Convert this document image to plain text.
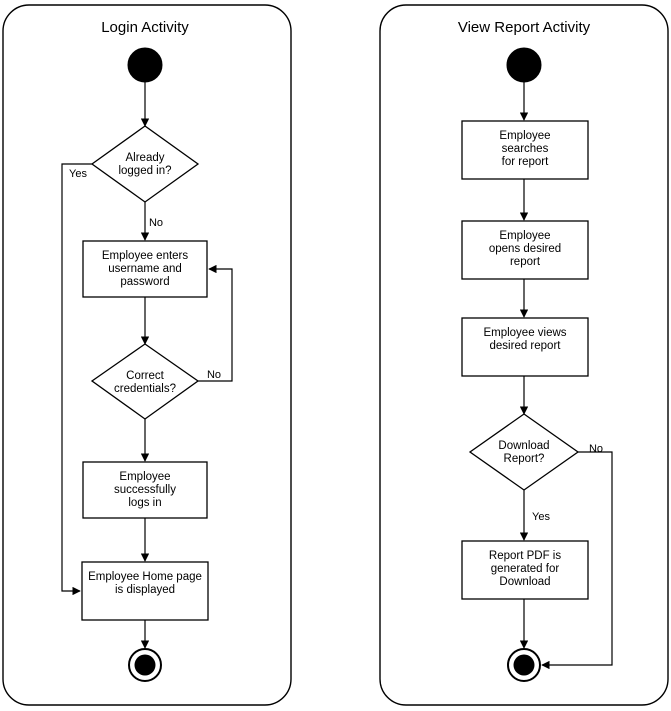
Login Activity
Already
logged in?
Yes
No
Employee enters
username and
password
Correct
credentials?
No
Employee
successfully
logs in
Employee Home page
is displayed
View Report Activity
Employee
searches
for report
Employee
opens desired
report
Employee views
desired report
Download
Report?
No
Yes
Report PDF is
generated for
Download
